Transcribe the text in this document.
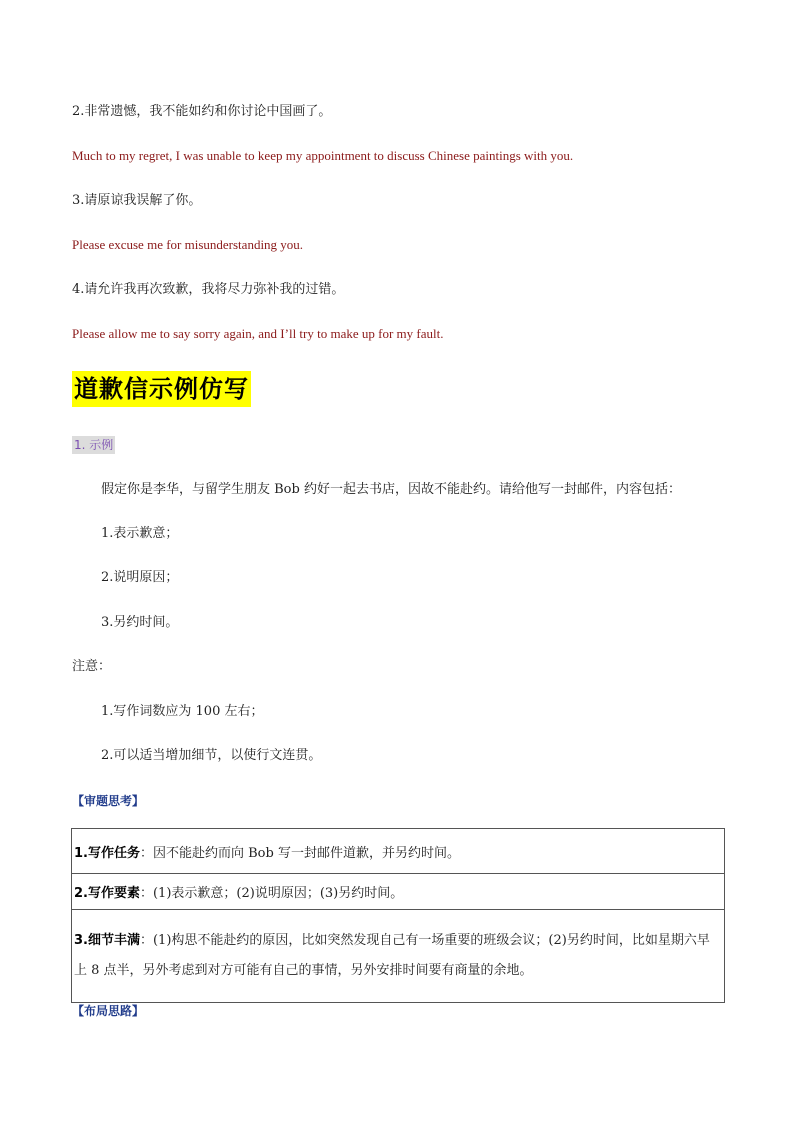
2.非常遗憾，我不能如约和你讨论中国画了。
Much to my regret, I was unable to keep my appointment to discuss Chinese paintings with you.
3.请原谅我误解了你。
Please excuse me for misunderstanding you.
4.请允许我再次致歉，我将尽力弥补我的过错。
Please allow me to say sorry again, and I’ll try to make up for my fault.
道歉信示例仿写
1. 示例
假定你是李华，与留学生朋友 Bob 约好一起去书店，因故不能赴约。请给他写一封邮件，内容包括：
1.表示歉意；
2.说明原因；
3.另约时间。
注意：
1.写作词数应为 100 左右；
2.可以适当增加细节，以使行文连贯。
【审题思考】
1.写作任务：因不能赴约而向 Bob 写一封邮件道歉，并另约时间。
2.写作要素：(1)表示歉意；(2)说明原因；(3)另约时间。
3.细节丰满：(1)构思不能赴约的原因，比如突然发现自己有一场重要的班级会议；(2)另约时间，比如星期六早上 8 点半，另外考虑到对方可能有自己的事情，另外安排时间要有商量的余地。
【布局思路】
